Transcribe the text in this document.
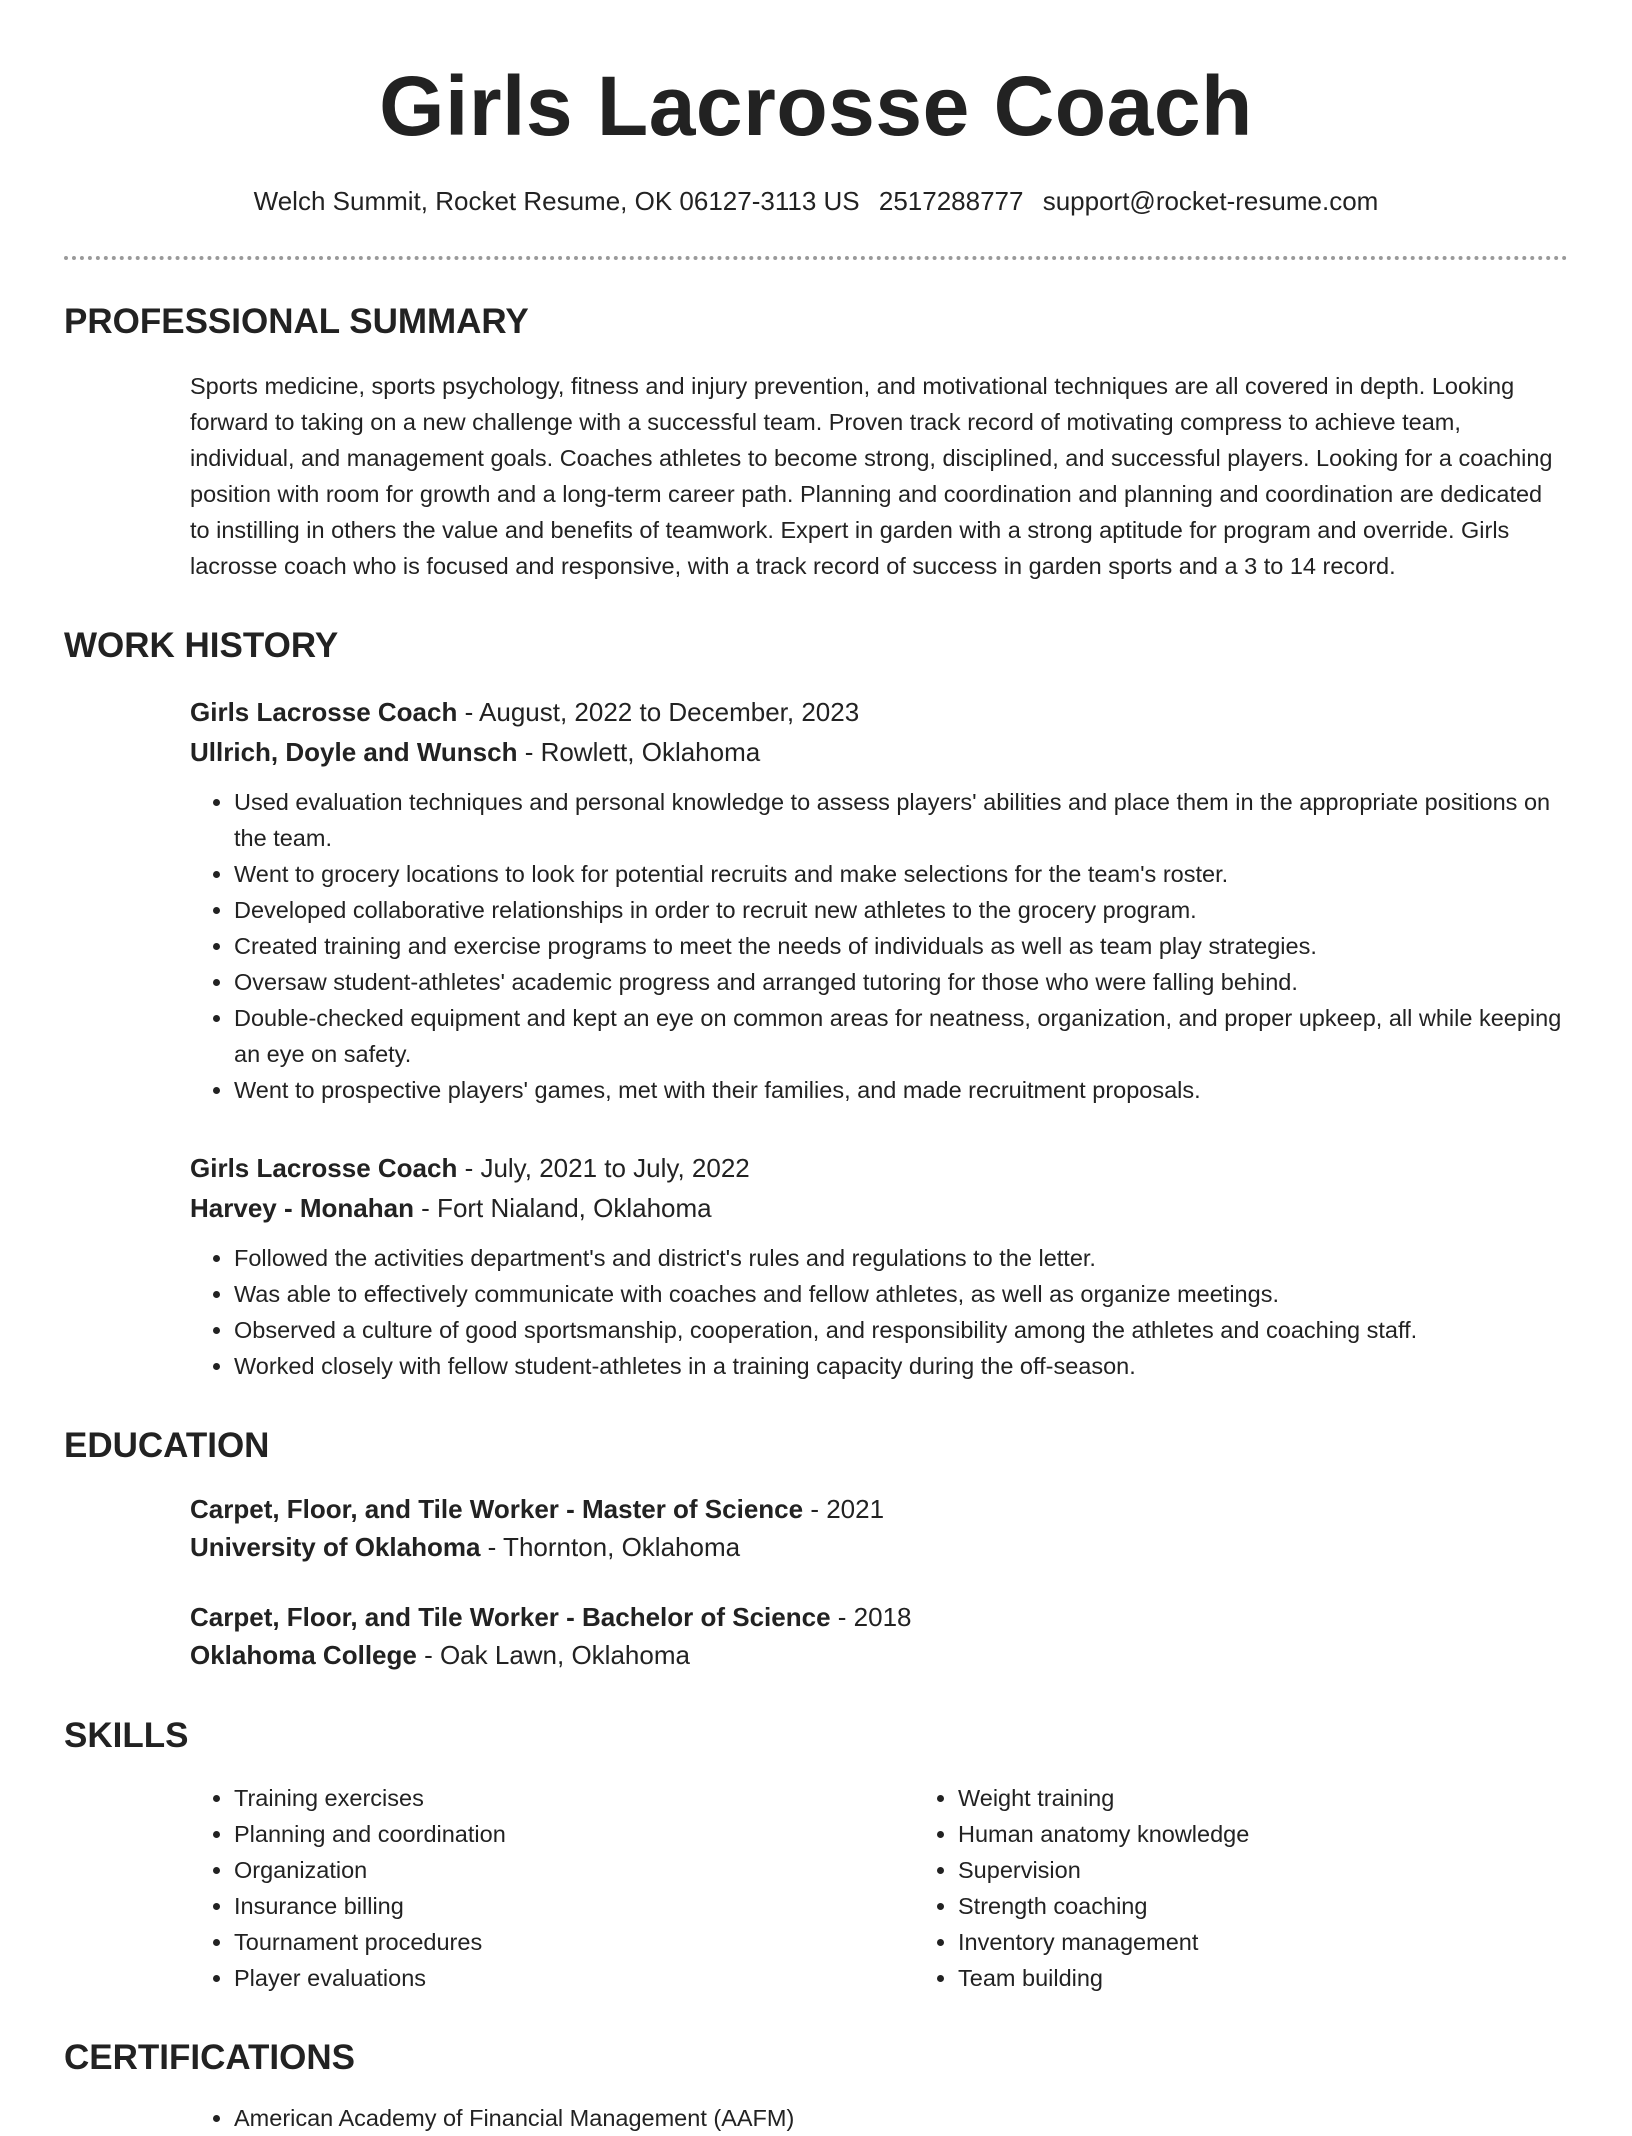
Girls Lacrosse Coach
Welch Summit, Rocket Resume, OK 06127-3113 US 2517288777 support@rocket-resume.com
PROFESSIONAL SUMMARY
Sports medicine, sports psychology, fitness and injury prevention, and motivational techniques are all covered in depth. Looking forward to taking on a new challenge with a successful team. Proven track record of motivating compress to achieve team, individual, and management goals. Coaches athletes to become strong, disciplined, and successful players. Looking for a coaching position with room for growth and a long-term career path. Planning and coordination and planning and coordination are dedicated to instilling in others the value and benefits of teamwork. Expert in garden with a strong aptitude for program and override. Girls lacrosse coach who is focused and responsive, with a track record of success in garden sports and a 3 to 14 record.
WORK HISTORY
Girls Lacrosse Coach - August, 2022 to December, 2023
Ullrich, Doyle and Wunsch - Rowlett, Oklahoma
• Used evaluation techniques and personal knowledge to assess players' abilities and place them in the appropriate positions on the team.
• Went to grocery locations to look for potential recruits and make selections for the team's roster.
• Developed collaborative relationships in order to recruit new athletes to the grocery program.
• Created training and exercise programs to meet the needs of individuals as well as team play strategies.
• Oversaw student-athletes' academic progress and arranged tutoring for those who were falling behind.
• Double-checked equipment and kept an eye on common areas for neatness, organization, and proper upkeep, all while keeping an eye on safety.
• Went to prospective players' games, met with their families, and made recruitment proposals.
Girls Lacrosse Coach - July, 2021 to July, 2022
Harvey - Monahan - Fort Nialand, Oklahoma
• Followed the activities department's and district's rules and regulations to the letter.
• Was able to effectively communicate with coaches and fellow athletes, as well as organize meetings.
• Observed a culture of good sportsmanship, cooperation, and responsibility among the athletes and coaching staff.
• Worked closely with fellow student-athletes in a training capacity during the off-season.
EDUCATION
Carpet, Floor, and Tile Worker - Master of Science - 2021
University of Oklahoma - Thornton, Oklahoma
Carpet, Floor, and Tile Worker - Bachelor of Science - 2018
Oklahoma College - Oak Lawn, Oklahoma
SKILLS
• Training exercises
• Planning and coordination
• Organization
• Insurance billing
• Tournament procedures
• Player evaluations
• Weight training
• Human anatomy knowledge
• Supervision
• Strength coaching
• Inventory management
• Team building
CERTIFICATIONS
• American Academy of Financial Management (AAFM)
